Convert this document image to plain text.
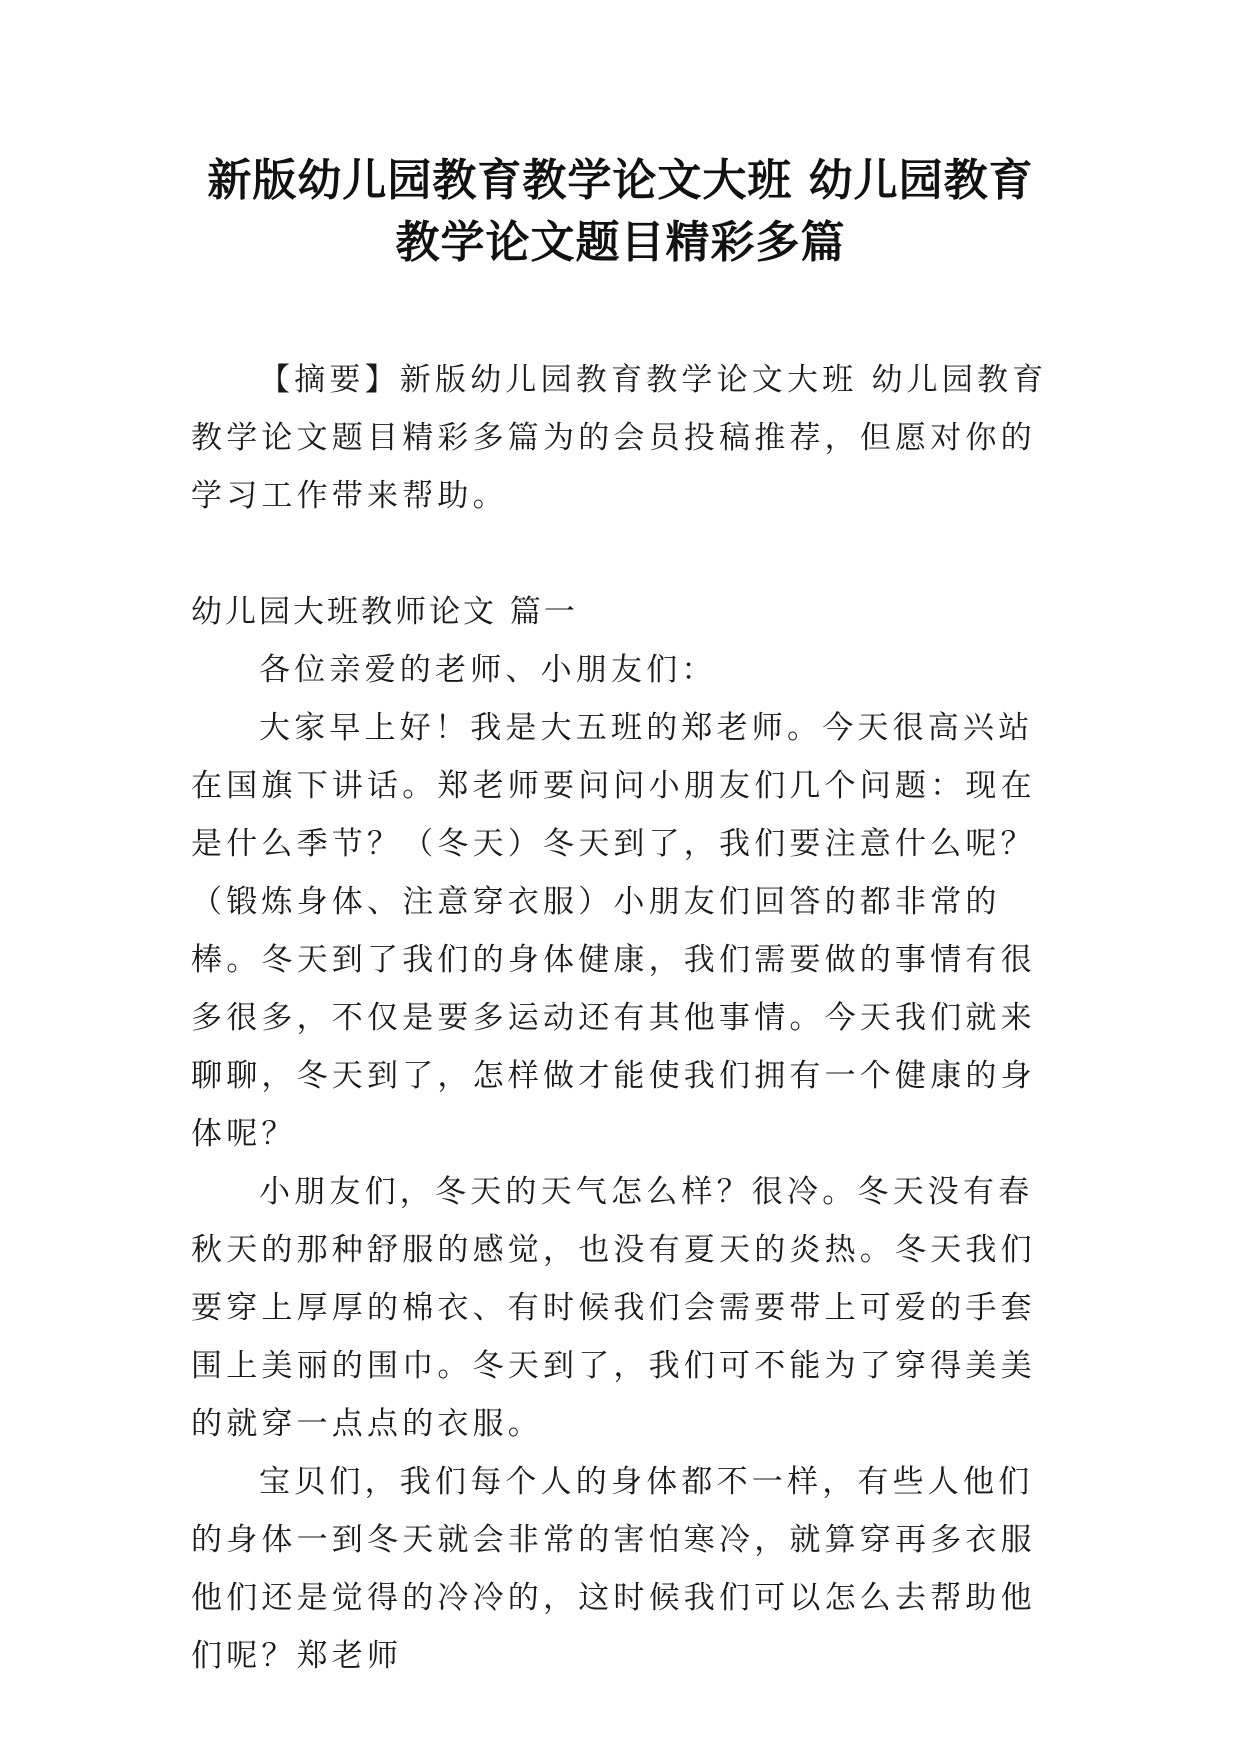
新版幼儿园教育教学论文大班 幼儿园教育
教学论文题目精彩多篇

【摘要】新版幼儿园教育教学论文大班 幼儿园教育教学论文题目精彩多篇为的会员投稿推荐，但愿对你的学习工作带来帮助。

幼儿园大班教师论文 篇一

各位亲爱的老师、小朋友们：

大家早上好！我是大五班的郑老师。今天很高兴站在国旗下讲话。郑老师要问问小朋友们几个问题：现在是什么季节？（冬天）冬天到了，我们要注意什么呢？（锻炼身体、注意穿衣服）小朋友们回答的都非常的棒。冬天到了我们的身体健康，我们需要做的事情有很多很多，不仅是要多运动还有其他事情。今天我们就来聊聊，冬天到了，怎样做才能使我们拥有一个健康的身体呢？

小朋友们，冬天的天气怎么样？很冷。冬天没有春秋天的那种舒服的感觉，也没有夏天的炎热。冬天我们要穿上厚厚的棉衣、有时候我们会需要带上可爱的手套围上美丽的围巾。冬天到了，我们可不能为了穿得美美的就穿一点点的衣服。

宝贝们，我们每个人的身体都不一样，有些人他们的身体一到冬天就会非常的害怕寒冷，就算穿再多衣服他们还是觉得的冷冷的，这时候我们可以怎么去帮助他们呢？郑老师
